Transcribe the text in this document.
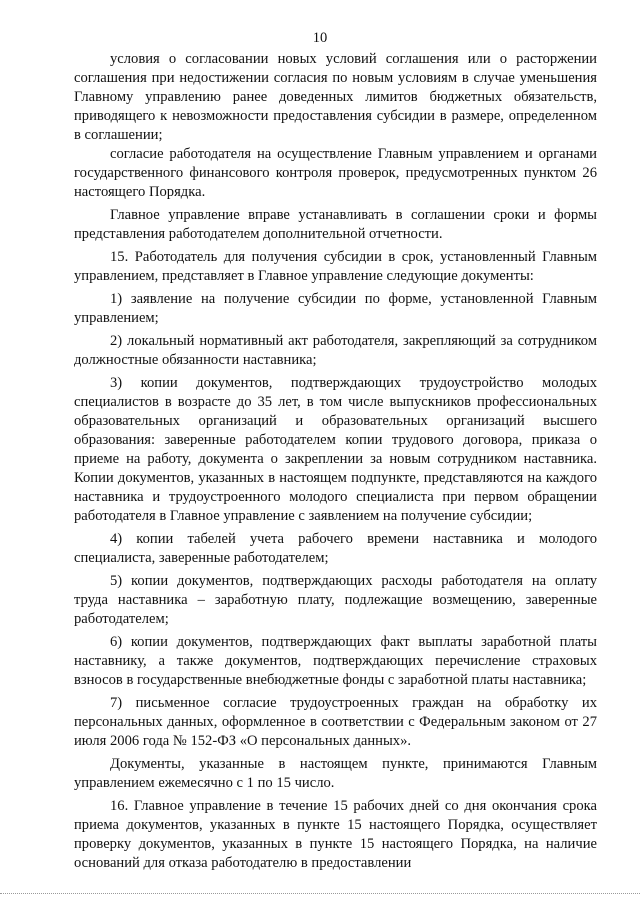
10

условия о согласовании новых условий соглашения или о расторжении соглашения при недостижении согласия по новым условиям в случае уменьшения Главному управлению ранее доведенных лимитов бюджетных обязательств, приводящего к невозможности предоставления субсидии в размере, определенном в соглашении;

согласие работодателя на осуществление Главным управлением и органами государственного финансового контроля проверок, предусмотренных пунктом 26 настоящего Порядка.

Главное управление вправе устанавливать в соглашении сроки и формы представления работодателем дополнительной отчетности.

15. Работодатель для получения субсидии в срок, установленный Главным управлением, представляет в Главное управление следующие документы:

1) заявление на получение субсидии по форме, установленной Главным управлением;

2) локальный нормативный акт работодателя, закрепляющий за сотрудником должностные обязанности наставника;

3) копии документов, подтверждающих трудоустройство молодых специалистов в возрасте до 35 лет, в том числе выпускников профессиональных образовательных организаций и образовательных организаций высшего образования: заверенные работодателем копии трудового договора, приказа о приеме на работу, документа о закреплении за новым сотрудником наставника. Копии документов, указанных в настоящем подпункте, представляются на каждого наставника и трудоустроенного молодого специалиста при первом обращении работодателя в Главное управление с заявлением на получение субсидии;

4) копии табелей учета рабочего времени наставника и молодого специалиста, заверенные работодателем;

5) копии документов, подтверждающих расходы работодателя на оплату труда наставника – заработную плату, подлежащие возмещению, заверенные работодателем;

6) копии документов, подтверждающих факт выплаты заработной платы наставнику, а также документов, подтверждающих перечисление страховых взносов в государственные внебюджетные фонды с заработной платы наставника;

7) письменное согласие трудоустроенных граждан на обработку их персональных данных, оформленное в соответствии с Федеральным законом от 27 июля 2006 года № 152-ФЗ «О персональных данных».

Документы, указанные в настоящем пункте, принимаются Главным управлением ежемесячно с 1 по 15 число.

16. Главное управление в течение 15 рабочих дней со дня окончания срока приема документов, указанных в пункте 15 настоящего Порядка, осуществляет проверку документов, указанных в пункте 15 настоящего Порядка, на наличие оснований для отказа работодателю в предоставлении
